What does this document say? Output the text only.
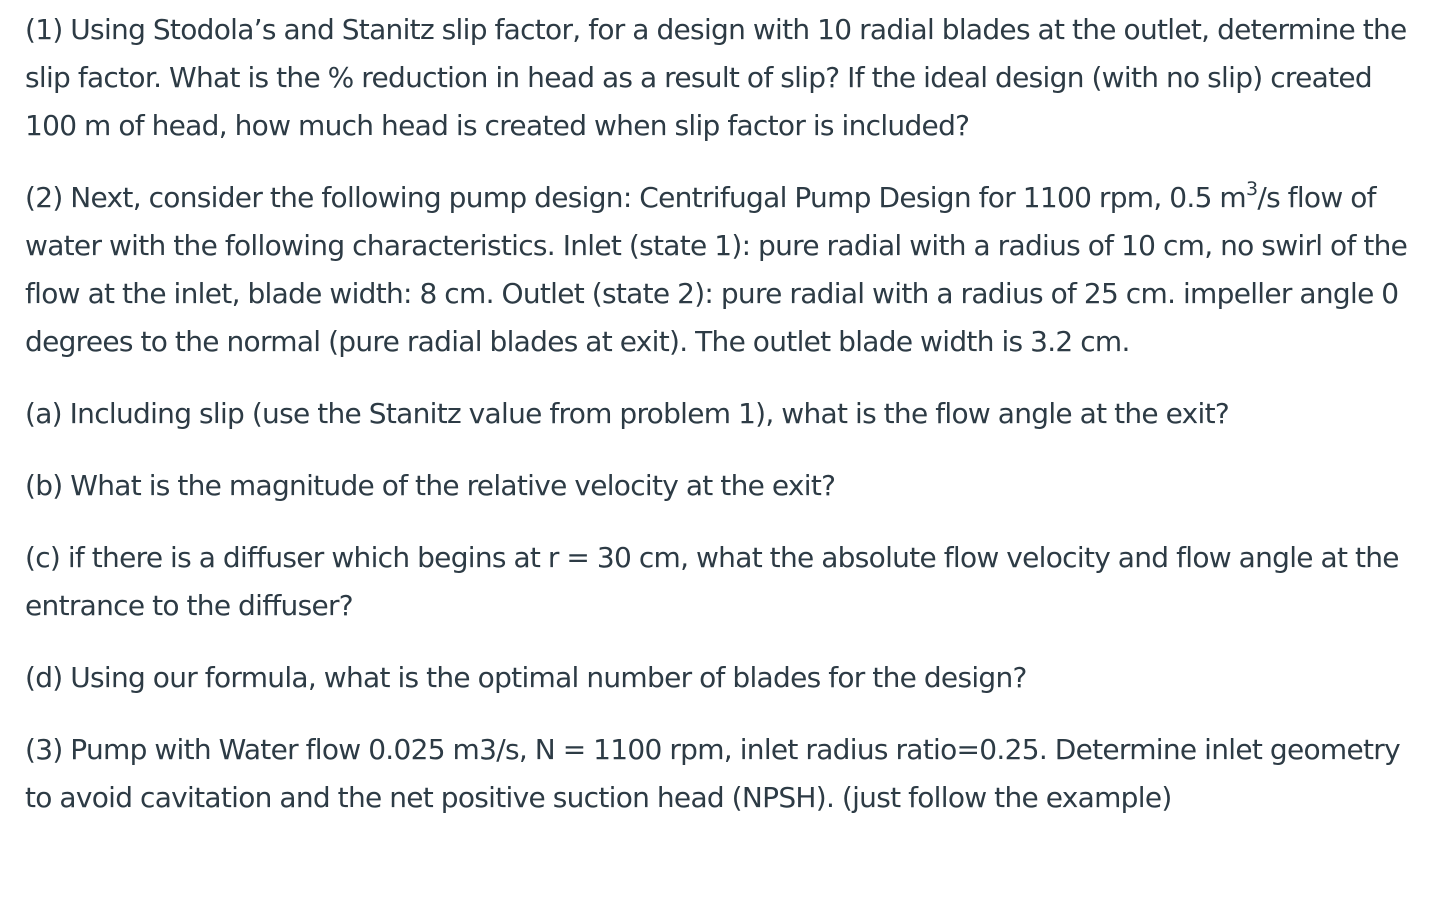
(1) Using Stodola’s and Stanitz slip factor, for a design with 10 radial blades at the outlet, determine the slip factor. What is the % reduction in head as a result of slip? If the ideal design (with no slip) created 100 m of head, how much head is created when slip factor is included?

(2) Next, consider the following pump design: Centrifugal Pump Design for 1100 rpm, 0.5 $m^3/s$ flow of water with the following characteristics. Inlet (state 1): pure radial with a radius of 10 cm, no swirl of the flow at the inlet, blade width: 8 cm. Outlet (state 2): pure radial with a radius of 25 cm. impeller angle 0 degrees to the normal (pure radial blades at exit). The outlet blade width is 3.2 cm.

(a) Including slip (use the Stanitz value from problem 1), what is the flow angle at the exit?

(b) What is the magnitude of the relative velocity at the exit?

(c) if there is a diffuser which begins at r = 30 cm, what the absolute flow velocity and flow angle at the entrance to the diffuser?

(d) Using our formula, what is the optimal number of blades for the design?

(3) Pump with Water flow 0.025 m3/s, N = 1100 rpm, inlet radius ratio=0.25. Determine inlet geometry to avoid cavitation and the net positive suction head (NPSH). (just follow the example)
